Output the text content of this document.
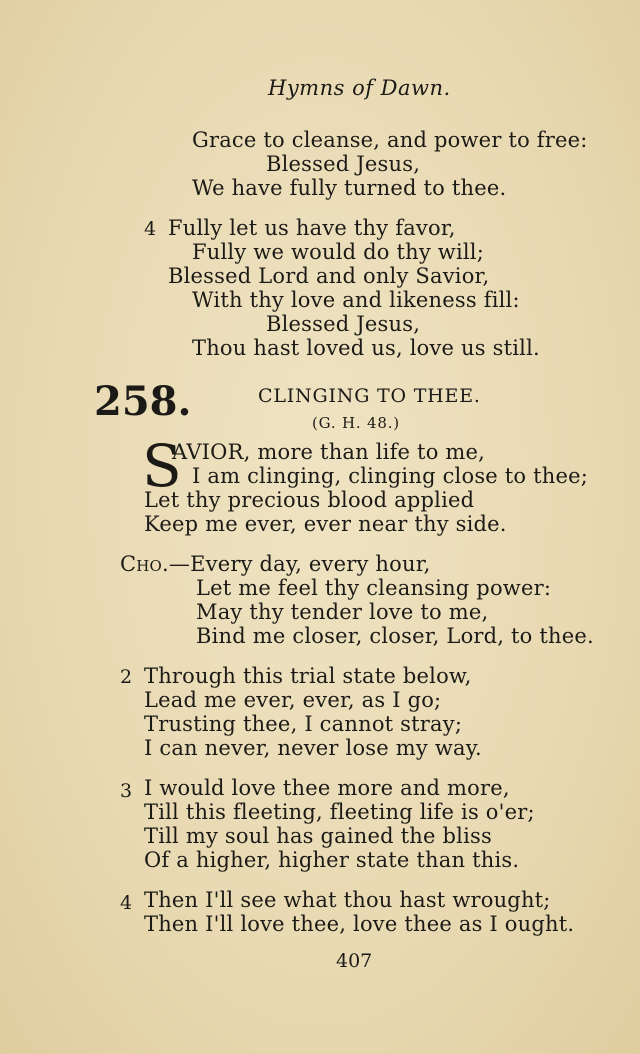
Hymns of Dawn.
Grace to cleanse, and power to free:
Blessed Jesus,
We have fully turned to thee.
4 Fully let us have thy favor,
Fully we would do thy will;
Blessed Lord and only Savior,
With thy love and likeness fill:
Blessed Jesus,
Thou hast loved us, love us still.
258.	CLINGING TO THEE.
(G. H. 48.)
S
AVIOR, more than life to me,
I am clinging, clinging close to thee;
Let thy precious blood applied
Keep me ever, ever near thy side.
Cho.—Every day, every hour,
Let me feel thy cleansing power:
May thy tender love to me,
Bind me closer, closer, Lord, to thee.
2 Through this trial state below,
Lead me ever, ever, as I go;
Trusting thee, I cannot stray;
I can never, never lose my way.
3 I would love thee more and more,
Till this fleeting, fleeting life is o'er;
Till my soul has gained the bliss
Of a higher, higher state than this.
4 Then I'll see what thou hast wrought;
Then I'll love thee, love thee as I ought.
407
